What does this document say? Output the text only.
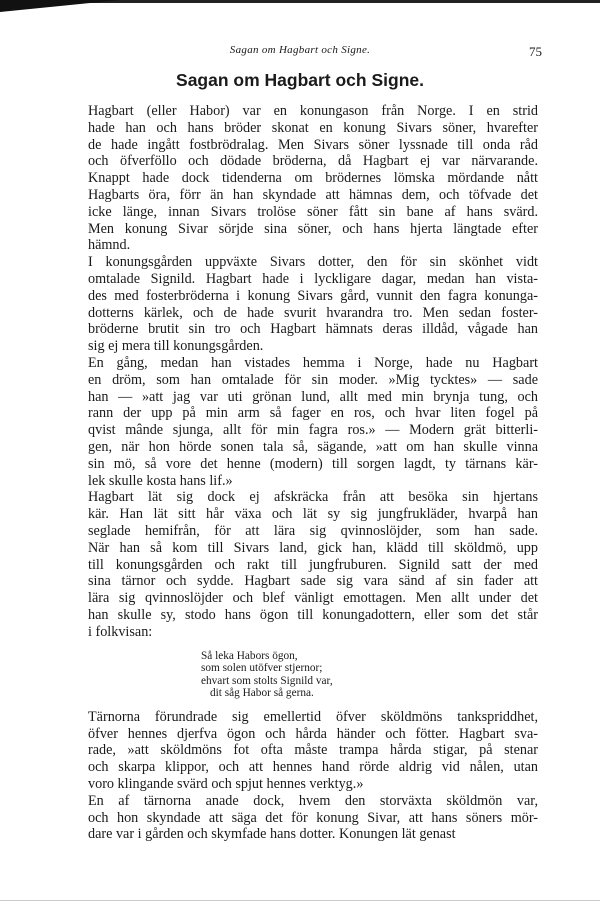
Sagan om Hagbart och Signe.	75
Sagan om Hagbart och Signe.

Hagbart (eller Habor) var en konungason från Norge. I en strid
hade han och hans bröder skonat en konung Sivars söner, hvarefter
de hade ingått fostbrödralag. Men Sivars söner lyssnade till onda råd
och öfverföllo och dödade bröderna, då Hagbart ej var närvarande.
Knappt hade dock tidenderna om brödernes lömska mördande nått
Hagbarts öra, förr än han skyndade att hämnas dem, och töfvade det
icke länge, innan Sivars trolöse söner fått sin bane af hans svärd.
Men konung Sivar sörjde sina söner, och hans hjerta längtade efter
hämnd.

I konungsgården uppväxte Sivars dotter, den för sin skönhet vidt
omtalade Signild. Hagbart hade i lyckligare dagar, medan han vista-
des med fosterbröderna i konung Sivars gård, vunnit den fagra konunga-
dotterns kärlek, och de hade svurit hvarandra tro. Men sedan foster-
bröderne brutit sin tro och Hagbart hämnats deras illdåd, vågade han
sig ej mera till konungsgården.

En gång, medan han vistades hemma i Norge, hade nu Hagbart
en dröm, som han omtalade för sin moder. »Mig tycktes» — sade
han — »att jag var uti grönan lund, allt med min brynja tung, och
rann der upp på min arm så fager en ros, och hvar liten fogel på
qvist mânde sjunga, allt för min fagra ros.» — Modern grät bitterli-
gen, när hon hörde sonen tala så, sägande, »att om han skulle vinna
sin mö, så vore det henne (modern) till sorgen lagdt, ty tärnans kär-
lek skulle kosta hans lif.»

Hagbart lät sig dock ej afskräcka från att besöka sin hjertans
kär. Han lät sitt hår växa och lät sy sig jungfrukläder, hvarpå han
seglade hemifrån, för att lära sig qvinnoslöjder, som han sade.
När han så kom till Sivars land, gick han, klädd till sköldmö, upp
till konungsgården och rakt till jungfruburen. Signild satt der med
sina tärnor och sydde. Hagbart sade sig vara sänd af sin fader att
lära sig qvinnoslöjder och blef vänligt emottagen. Men allt under det
han skulle sy, stodo hans ögon till konungadottern, eller som det står
i folkvisan:

Så leka Habors ögon,
som solen utöfver stjernor;
ehvart som stolts Signild var,
dit såg Habor så gerna.

Tärnorna förundrade sig emellertid öfver sköldmöns tankspriddhet,
öfver hennes djerfva ögon och hårda händer och fötter. Hagbart sva-
rade, »att sköldmöns fot ofta måste trampa hårda stigar, på stenar
och skarpa klippor, och att hennes hand rörde aldrig vid nålen, utan
voro klingande svärd och spjut hennes verktyg.»

En af tärnorna anade dock, hvem den storväxta sköldmön var,
och hon skyndade att säga det för konung Sivar, att hans söners mör-
dare var i gården och skymfade hans dotter. Konungen lät genast
